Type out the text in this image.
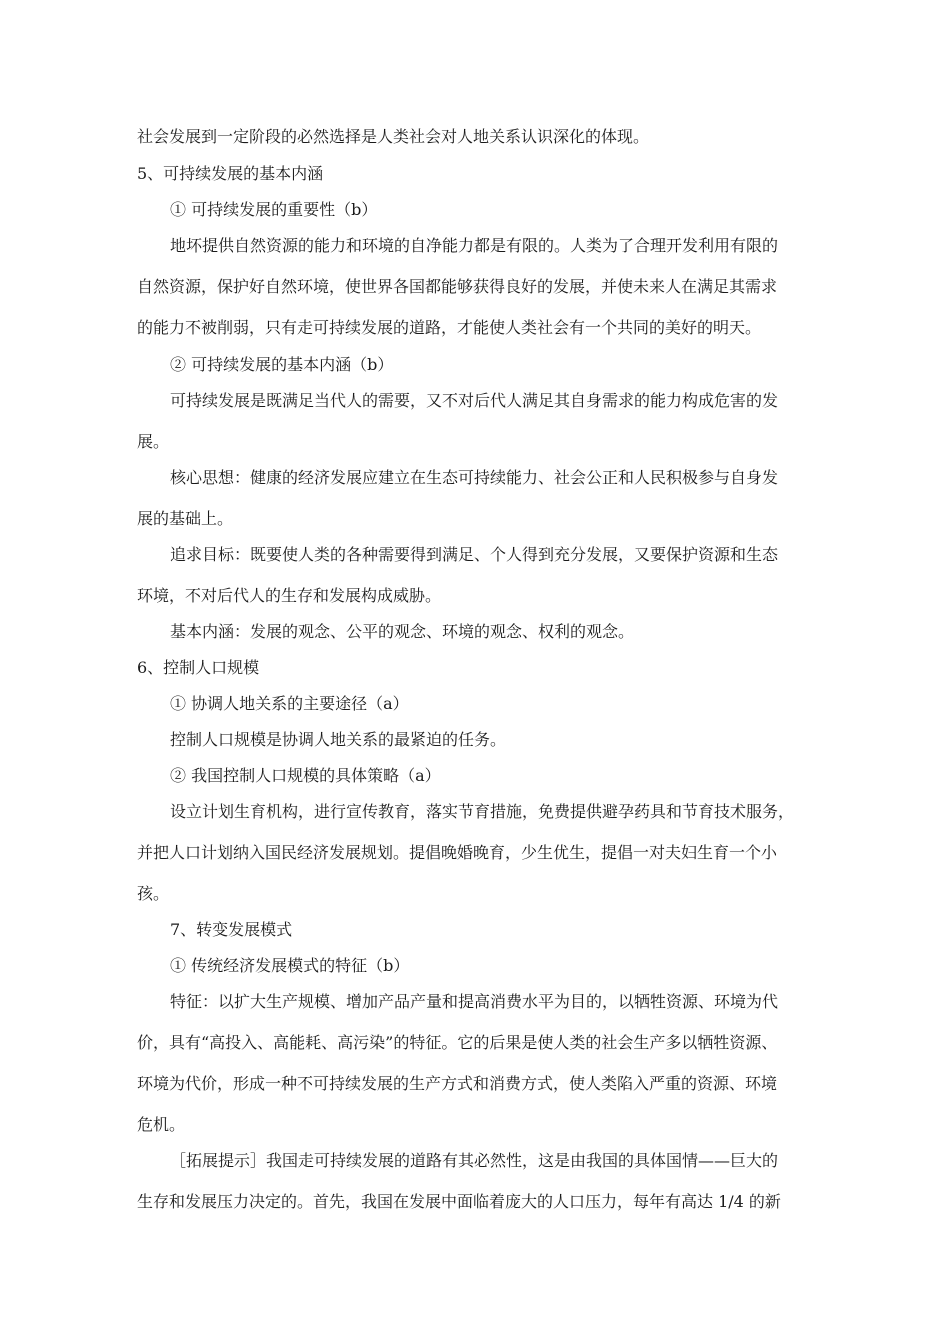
社会发展到一定阶段的必然选择是人类社会对人地关系认识深化的体现。
5、可持续发展的基本内涵
① 可持续发展的重要性（b）
地坏提供自然资源的能力和环境的自净能力都是有限的。人类为了合理开发利用有限的
自然资源，保护好自然环境，使世界各国都能够获得良好的发展，并使未来人在满足其需求
的能力不被削弱，只有走可持续发展的道路，才能使人类社会有一个共同的美好的明天。
② 可持续发展的基本内涵（b）
可持续发展是既满足当代人的需要，又不对后代人满足其自身需求的能力构成危害的发
展。
核心思想：健康的经济发展应建立在生态可持续能力、社会公正和人民积极参与自身发
展的基础上。
追求目标：既要使人类的各种需要得到满足、个人得到充分发展，又要保护资源和生态
环境，不对后代人的生存和发展构成威胁。
基本内涵：发展的观念、公平的观念、环境的观念、权利的观念。
6、控制人口规模
① 协调人地关系的主要途径（a）
控制人口规模是协调人地关系的最紧迫的任务。
② 我国控制人口规模的具体策略（a）
设立计划生育机构，进行宣传教育，落实节育措施，免费提供避孕药具和节育技术服务，
并把人口计划纳入国民经济发展规划。提倡晚婚晚育，少生优生，提倡一对夫妇生育一个小
孩。
7、转变发展模式
① 传统经济发展模式的特征（b）
特征：以扩大生产规模、增加产品产量和提高消费水平为目的，以牺牲资源、环境为代
价，具有“高投入、高能耗、高污染”的特征。它的后果是使人类的社会生产多以牺牲资源、
环境为代价，形成一种不可持续发展的生产方式和消费方式，使人类陷入严重的资源、环境
危机。
［拓展提示］我国走可持续发展的道路有其必然性，这是由我国的具体国情——巨大的
生存和发展压力决定的。首先，我国在发展中面临着庞大的人口压力，每年有高达 1/4 的新
